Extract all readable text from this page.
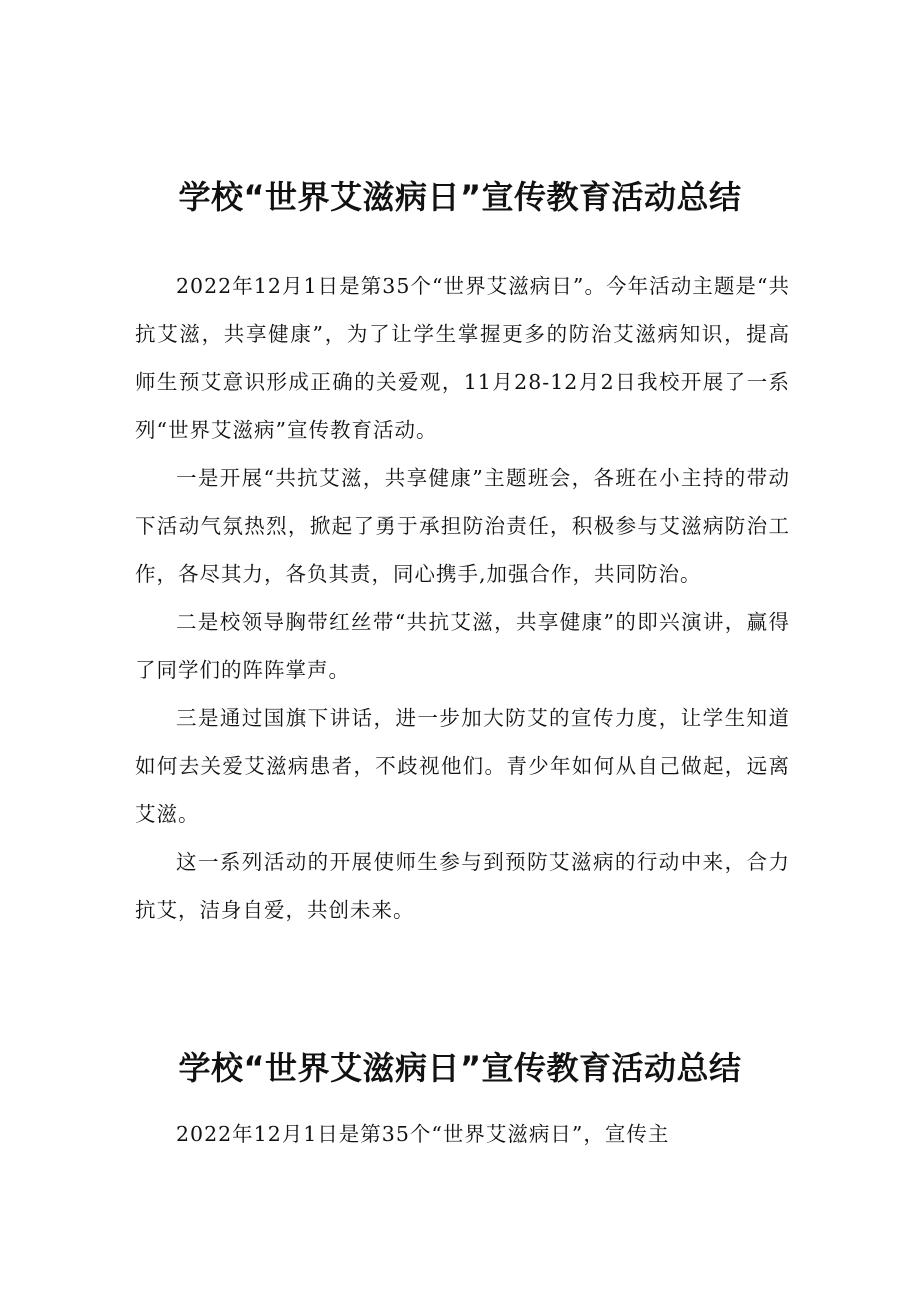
学校“世界艾滋病日”宣传教育活动总结

2022年12月1日是第35个“世界艾滋病日”。今年活动主题是“共抗艾滋，共享健康”，为了让学生掌握更多的防治艾滋病知识，提高师生预艾意识形成正确的关爱观，11月28-12月2日我校开展了一系列“世界艾滋病”宣传教育活动。

一是开展“共抗艾滋，共享健康”主题班会，各班在小主持的带动下活动气氛热烈，掀起了勇于承担防治责任，积极参与艾滋病防治工作，各尽其力，各负其责，同心携手,加强合作，共同防治。

二是校领导胸带红丝带“共抗艾滋，共享健康”的即兴演讲，赢得了同学们的阵阵掌声。

三是通过国旗下讲话，进一步加大防艾的宣传力度，让学生知道如何去关爱艾滋病患者，不歧视他们。青少年如何从自己做起，远离艾滋。

这一系列活动的开展使师生参与到预防艾滋病的行动中来，合力抗艾，洁身自爱，共创未来。

学校“世界艾滋病日”宣传教育活动总结

2022年12月1日是第35个“世界艾滋病日”，宣传主
